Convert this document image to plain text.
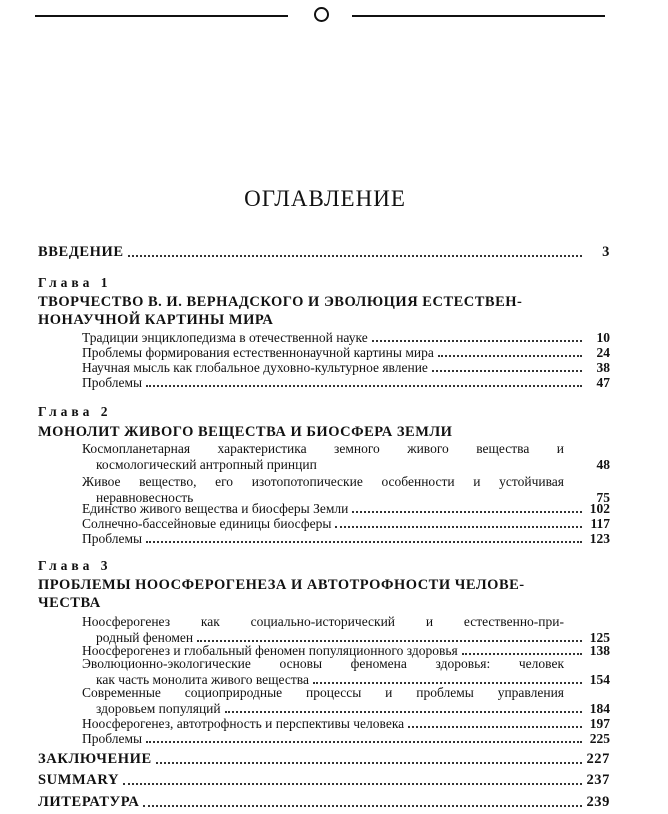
ОГЛАВЛЕНИЕ
ВВЕДЕНИЕ	3
Глава 1
ТВОРЧЕСТВО В. И. ВЕРНАДСКОГО И ЭВОЛЮЦИЯ ЕСТЕСТВЕН-
НОНАУЧНОЙ КАРТИНЫ МИРА
Традиции энциклопедизма в отечественной науке	10
Проблемы формирования естественнонаучной картины мира	24
Научная мысль как глобальное духовно-культурное явление	38
Проблемы	47
Глава 2
МОНОЛИТ ЖИВОГО ВЕЩЕСТВА И БИОСФЕРА ЗЕМЛИ
Космопланетарная характеристика земного живого вещества и
космологический антропный принцип	48
Живое вещество, его изотопотопические особенности и устойчивая
неравновесность	75
Единство живого вещества и биосферы Земли	102
Солнечно-бассейновые единицы биосферы	117
Проблемы	123
Глава 3
ПРОБЛЕМЫ НООСФЕРОГЕНЕЗА И АВТОТРОФНОСТИ ЧЕЛОВЕ-
ЧЕСТВА
Ноосферогенез как социально-исторический и естественно-при-
родный феномен	125
Ноосферогенез и глобальный феномен популяционного здоровья	138
Эволюционно-экологические основы феномена здоровья: человек
как часть монолита живого вещества	154
Современные социоприродные процессы и проблемы управления
здоровьем популяций	184
Ноосферогенез, автотрофность и перспективы человека	197
Проблемы	225
ЗАКЛЮЧЕНИЕ	227
SUMMARY	237
ЛИТЕРАТУРА	239
